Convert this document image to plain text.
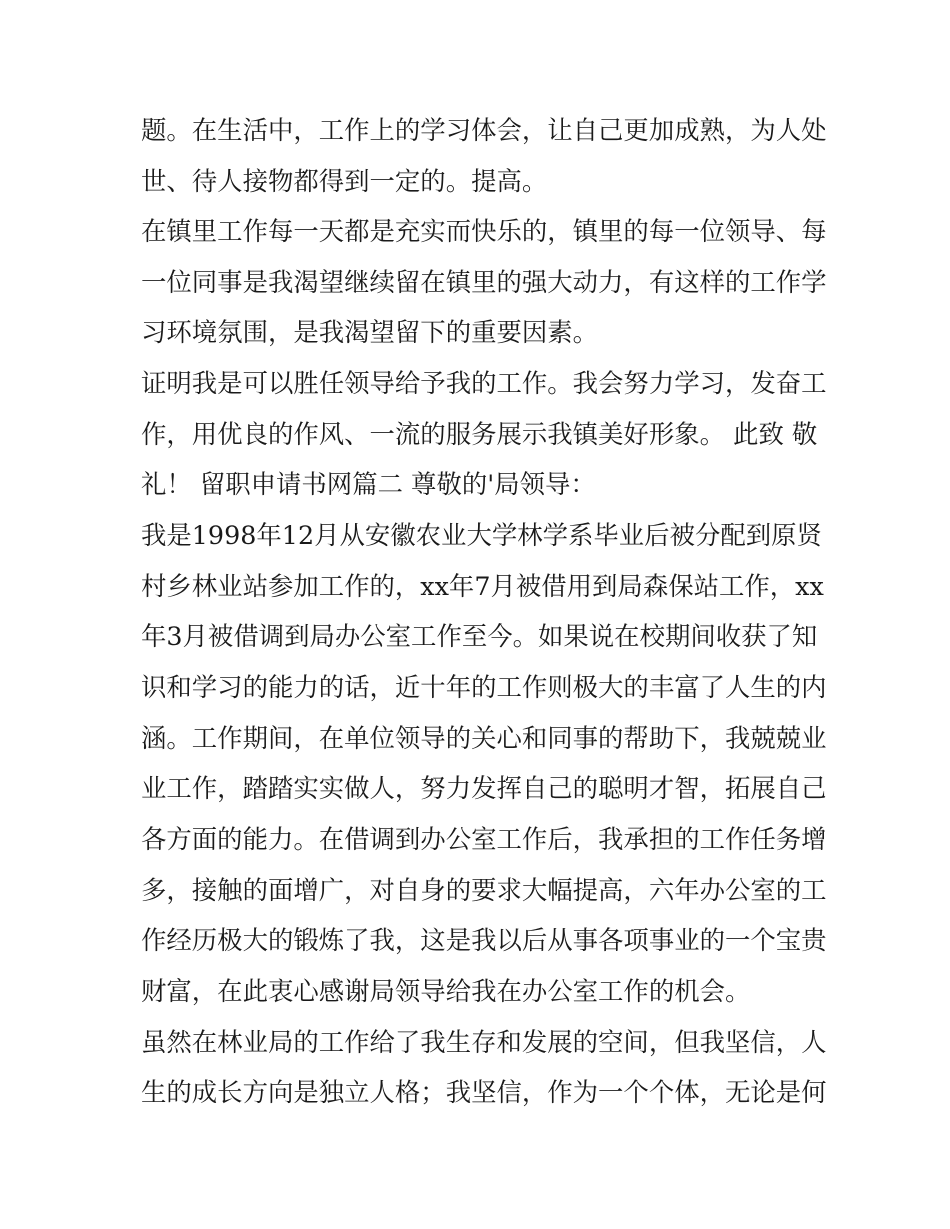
题。在生活中，工作上的学习体会，让自己更加成熟，为人处
世、待人接物都得到一定的。提高。
在镇里工作每一天都是充实而快乐的，镇里的每一位领导、每
一位同事是我渴望继续留在镇里的强大动力，有这样的工作学
习环境氛围，是我渴望留下的重要因素。
证明我是可以胜任领导给予我的工作。我会努力学习，发奋工
作，用优良的作风、一流的服务展示我镇美好形象。 此致 敬
礼！ 留职申请书网篇二 尊敬的'局领导：
我是1998年12月从安徽农业大学林学系毕业后被分配到原贤
村乡林业站参加工作的，xx年7月被借用到局森保站工作，xx
年3月被借调到局办公室工作至今。如果说在校期间收获了知
识和学习的能力的话，近十年的工作则极大的丰富了人生的内
涵。工作期间，在单位领导的关心和同事的帮助下，我兢兢业
业工作，踏踏实实做人，努力发挥自己的聪明才智，拓展自己
各方面的能力。在借调到办公室工作后，我承担的工作任务增
多，接触的面增广，对自身的要求大幅提高，六年办公室的工
作经历极大的锻炼了我，这是我以后从事各项事业的一个宝贵
财富，在此衷心感谢局领导给我在办公室工作的机会。
虽然在林业局的工作给了我生存和发展的空间，但我坚信，人
生的成长方向是独立人格；我坚信，作为一个个体，无论是何
